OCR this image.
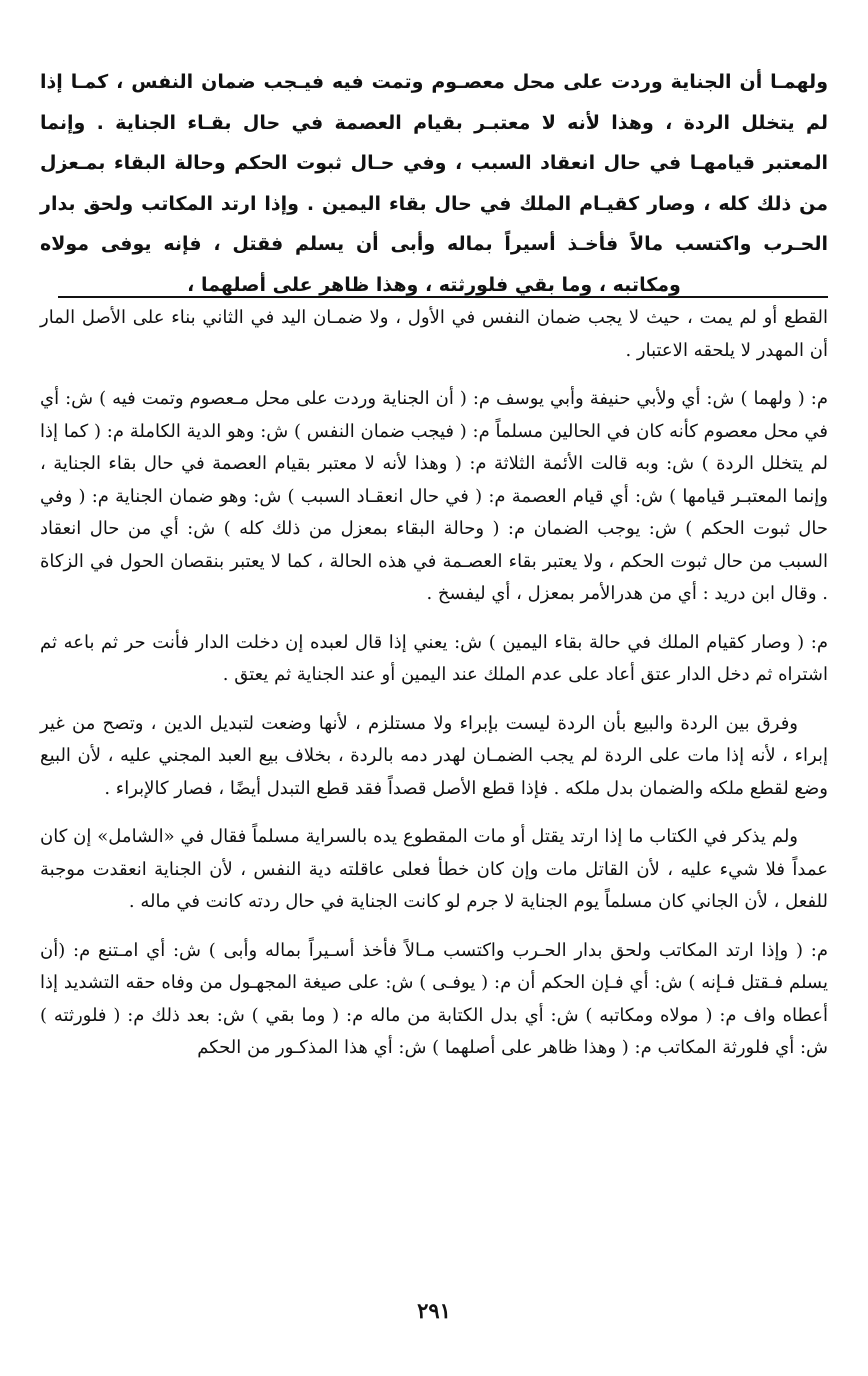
ولهمـا أن الجناية وردت على محل معصـوم وتمت فيه فيـجب ضمان النفس ، كمـا إذا لم يتخلل الردة ، وهذا لأنه لا معتبـر بقيام العصمة في حال بقـاء الجناية . وإنما المعتبر قيامهـا في حال انعقاد السبب ، وفي حـال ثبوت الحكم وحالة البقاء بمـعزل من ذلك كله ، وصار كقيـام الملك في حال بقاء اليمين . وإذا ارتد المكاتب ولحق بدار الحـرب واكتسب مالاً فأخـذ أسيراً بماله وأبى أن يسلم فقتل ، فإنه يوفى مولاه ومكاتبه ، وما بقي فلورثته ، وهذا ظاهر على أصلهما ،

القطع أو لم يمت ، حيث لا يجب ضمان النفس في الأول ، ولا ضمـان اليد في الثاني بناء على الأصل المار أن المهدر لا يلحقه الاعتبار .

م: ( ولهما ) ش: أي ولأبي حنيفة وأبي يوسف م: ( أن الجناية وردت على محل مـعصوم وتمت فيه ) ش: أي في محل معصوم كأنه كان في الحالين مسلماً م: ( فيجب ضمان النفس ) ش: وهو الدية الكاملة م: ( كما إذا لم يتخلل الردة ) ش: وبه قالت الأئمة الثلاثة م: ( وهذا لأنه لا معتبر بقيام العصمة في حال بقاء الجناية ، وإنما المعتبـر قيامها ) ش: أي قيام العصمة م: ( في حال انعقـاد السبب ) ش: وهو ضمان الجناية م: ( وفي حال ثبوت الحكم ) ش: يوجب الضمان م: ( وحالة البقاء بمعزل من ذلك كله ) ش: أي من حال انعقاد السبب من حال ثبوت الحكم ، ولا يعتبر بقاء العصـمة في هذه الحالة ، كما لا يعتبر بنقصان الحول في الزكاة . وقال ابن دريد : أي من هدرالأمر بمعزل ، أي ليفسخ .

م: ( وصار كقيام الملك في حالة بقاء اليمين ) ش: يعني إذا قال لعبده إن دخلت الدار فأنت حر ثم باعه ثم اشتراه ثم دخل الدار عتق أعاد على عدم الملك عند اليمين أو عند الجناية ثم يعتق .

وفرق بين الردة والبيع بأن الردة ليست بإبراء ولا مستلزم ، لأنها وضعت لتبديل الدين ، وتصح من غير إبراء ، لأنه إذا مات على الردة لم يجب الضمـان لهدر دمه بالردة ، بخلاف بيع العبد المجني عليه ، لأن البيع وضع لقطع ملكه والضمان بدل ملكه . فإذا قطع الأصل قصداً فقد قطع التبدل أيضًا ، فصار كالإبراء .

ولم يذكر في الكتاب ما إذا ارتد يقتل أو مات المقطوع يده بالسراية مسلماً فقال في «الشامل» إن كان عمداً فلا شيء عليه ، لأن القاتل مات وإن كان خطأ فعلى عاقلته دية النفس ، لأن الجناية انعقدت موجبة للفعل ، لأن الجاني كان مسلماً يوم الجناية لا جرم لو كانت الجناية في حال ردته كانت في ماله .

م: ( وإذا ارتد المكاتب ولحق بدار الحـرب واكتسب مـالاً فأخذ أسـيراً بماله وأبى ) ش: أي امـتنع م: (أن يسلم فـقتل فـإنه ) ش: أي فـإن الحكم أن م: ( يوفـى ) ش: على صيغة المجهـول من وفاه حقه التشديد إذا أعطاه واف م: ( مولاه ومكاتبه ) ش: أي بدل الكتابة من ماله م: ( وما بقي ) ش: بعد ذلك م: ( فلورثته ) ش: أي فلورثة المكاتب م: ( وهذا ظاهر على أصلهما ) ش: أي هذا المذكـور من الحكم

٢٩١
